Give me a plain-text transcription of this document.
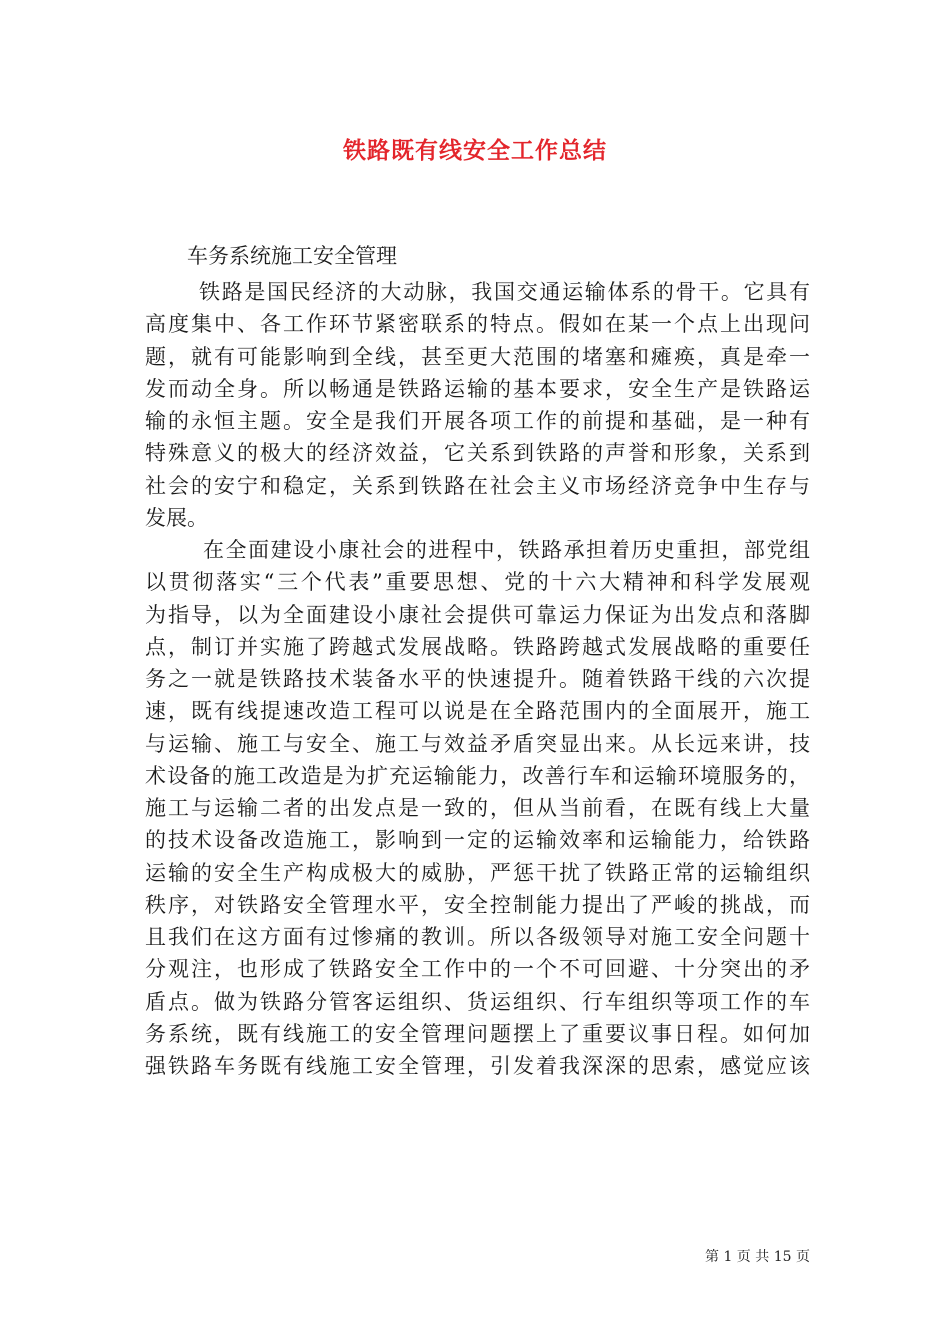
铁路既有线安全工作总结

车务系统施工安全管理

铁路是国民经济的大动脉，我国交通运输体系的骨干。它具有

高度集中、各工作环节紧密联系的特点。假如在某一个点上出现问

题，就有可能影响到全线，甚至更大范围的堵塞和瘫痪，真是牵一

发而动全身。所以畅通是铁路运输的基本要求，安全生产是铁路运

输的永恒主题。安全是我们开展各项工作的前提和基础，是一种有

特殊意义的极大的经济效益，它关系到铁路的声誉和形象，关系到

社会的安宁和稳定，关系到铁路在社会主义市场经济竞争中生存与

发展。

在全面建设小康社会的进程中，铁路承担着历史重担，部党组

以贯彻落实“三个代表”重要思想、党的十六大精神和科学发展观

为指导，以为全面建设小康社会提供可靠运力保证为出发点和落脚

点，制订并实施了跨越式发展战略。铁路跨越式发展战略的重要任

务之一就是铁路技术装备水平的快速提升。随着铁路干线的六次提

速，既有线提速改造工程可以说是在全路范围内的全面展开，施工

与运输、施工与安全、施工与效益矛盾突显出来。从长远来讲，技

术设备的施工改造是为扩充运输能力，改善行车和运输环境服务的，

施工与运输二者的出发点是一致的，但从当前看，在既有线上大量

的技术设备改造施工，影响到一定的运输效率和运输能力，给铁路

运输的安全生产构成极大的威胁，严惩干扰了铁路正常的运输组织

秩序，对铁路安全管理水平，安全控制能力提出了严峻的挑战，而

且我们在这方面有过惨痛的教训。所以各级领导对施工安全问题十

分观注，也形成了铁路安全工作中的一个不可回避、十分突出的矛

盾点。做为铁路分管客运组织、货运组织、行车组织等项工作的车

务系统，既有线施工的安全管理问题摆上了重要议事日程。如何加

强铁路车务既有线施工安全管理，引发着我深深的思索，感觉应该

第 1 页 共 15 页
